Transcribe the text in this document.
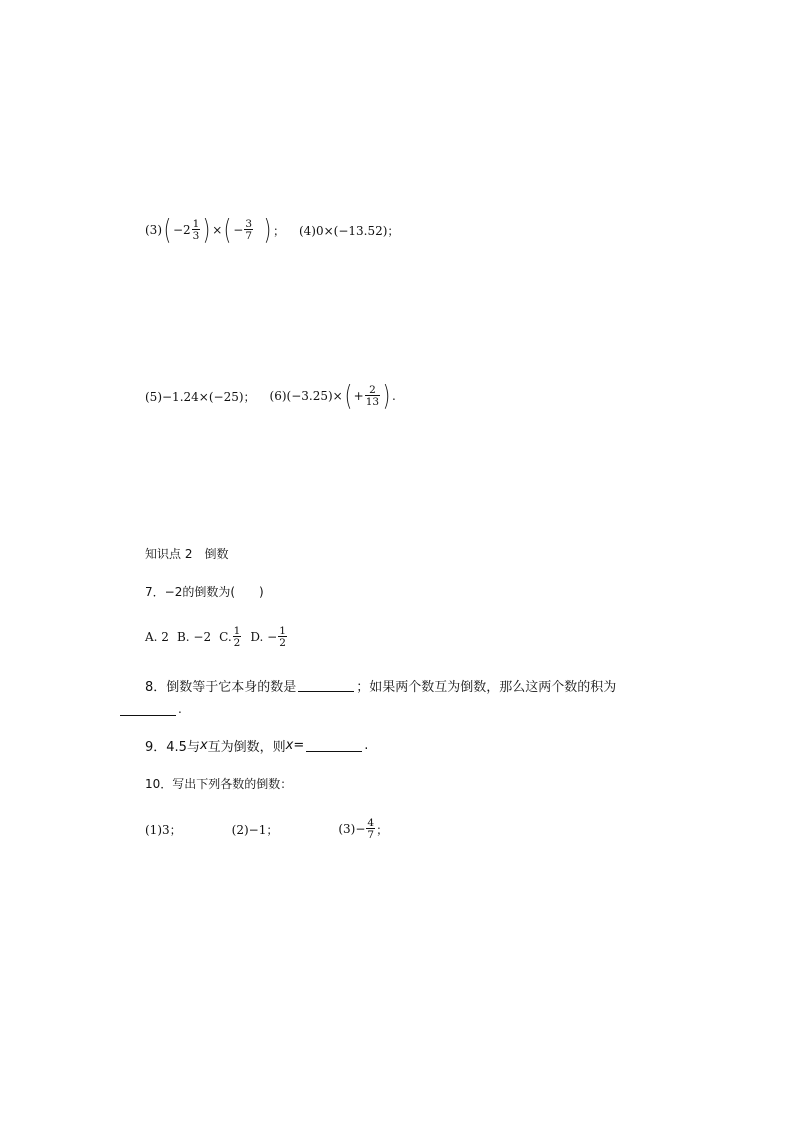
(3) ( − $2 \frac{1}{3}$ ) × ( − $\frac{3}{7}$ ) ； (4)0×(−13.52)；
(5)−1.24×(−25)； (6)(−3.25)× ( + $\frac{2}{13}$ ) .
知识点 2　倒数
7．−2的倒数为(　　)
A. 2 B. −2 C. $\frac{1}{2} D$. − $\frac{1}{2}$
8．倒数等于它本身的数是	；如果两个数互为倒数，那么这两个数的积为
.
9．4.5与 x 互为倒数，则 x =	.
10．写出下列各数的倒数：
(1)3；	(2)−1；	$(3)- \frac{4}{7}$ ；
